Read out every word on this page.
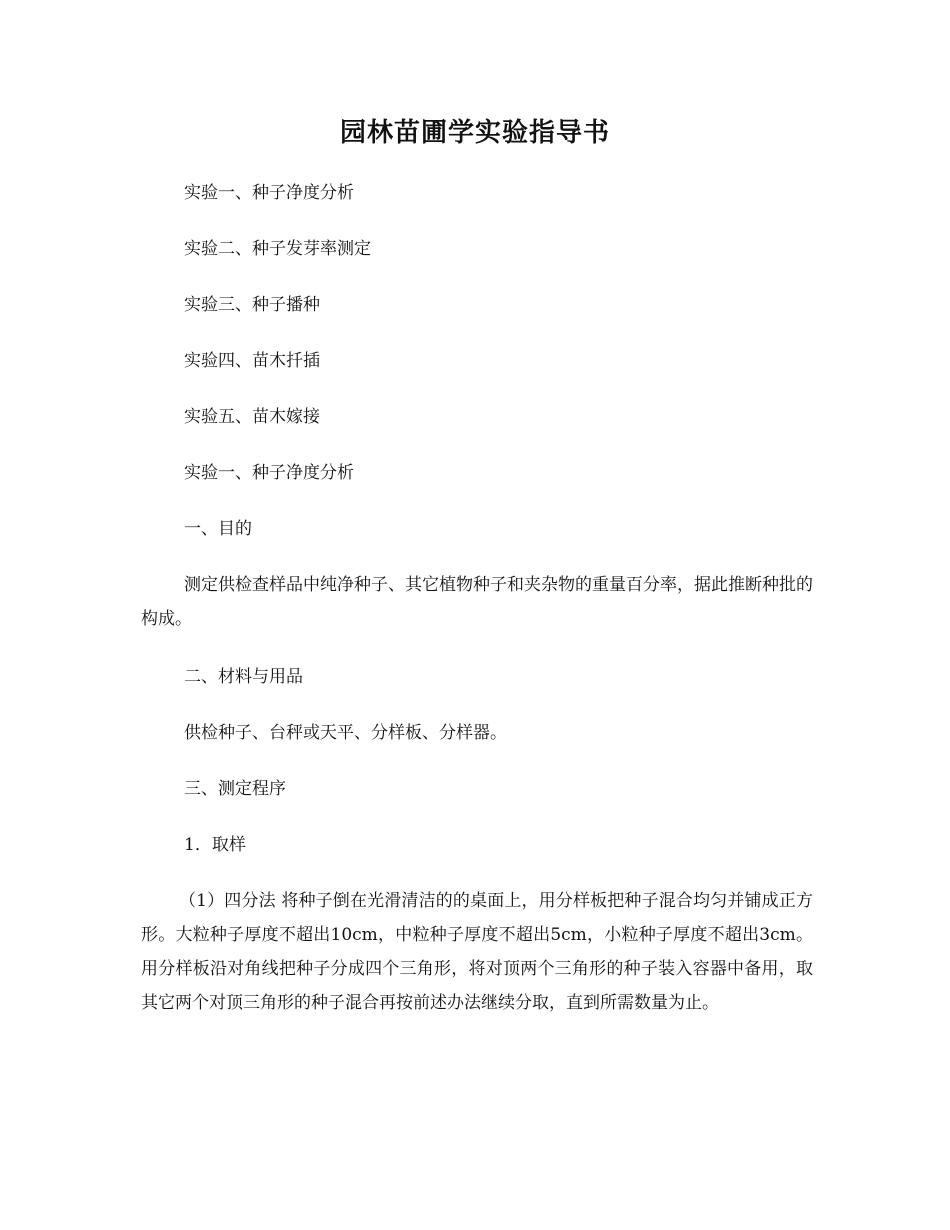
园林苗圃学实验指导书
实验一、种子净度分析
实验二、种子发芽率测定
实验三、种子播种
实验四、苗木扦插
实验五、苗木嫁接
实验一、种子净度分析
一、目的

测定供检查样品中纯净种子、其它植物种子和夹杂物的重量百分率，据此推断种批的构成。

二、材料与用品
供检种子、台秤或天平、分样板、分样器。
三、测定程序
1．取样

（1）四分法 将种子倒在光滑清洁的的桌面上，用分样板把种子混合均匀并铺成正方形。大粒种子厚度不超出10cm，中粒种子厚度不超出5cm，小粒种子厚度不超出3cm。用分样板沿对角线把种子分成四个三角形，将对顶两个三角形的种子装入容器中备用，取其它两个对顶三角形的种子混合再按前述办法继续分取，直到所需数量为止。
